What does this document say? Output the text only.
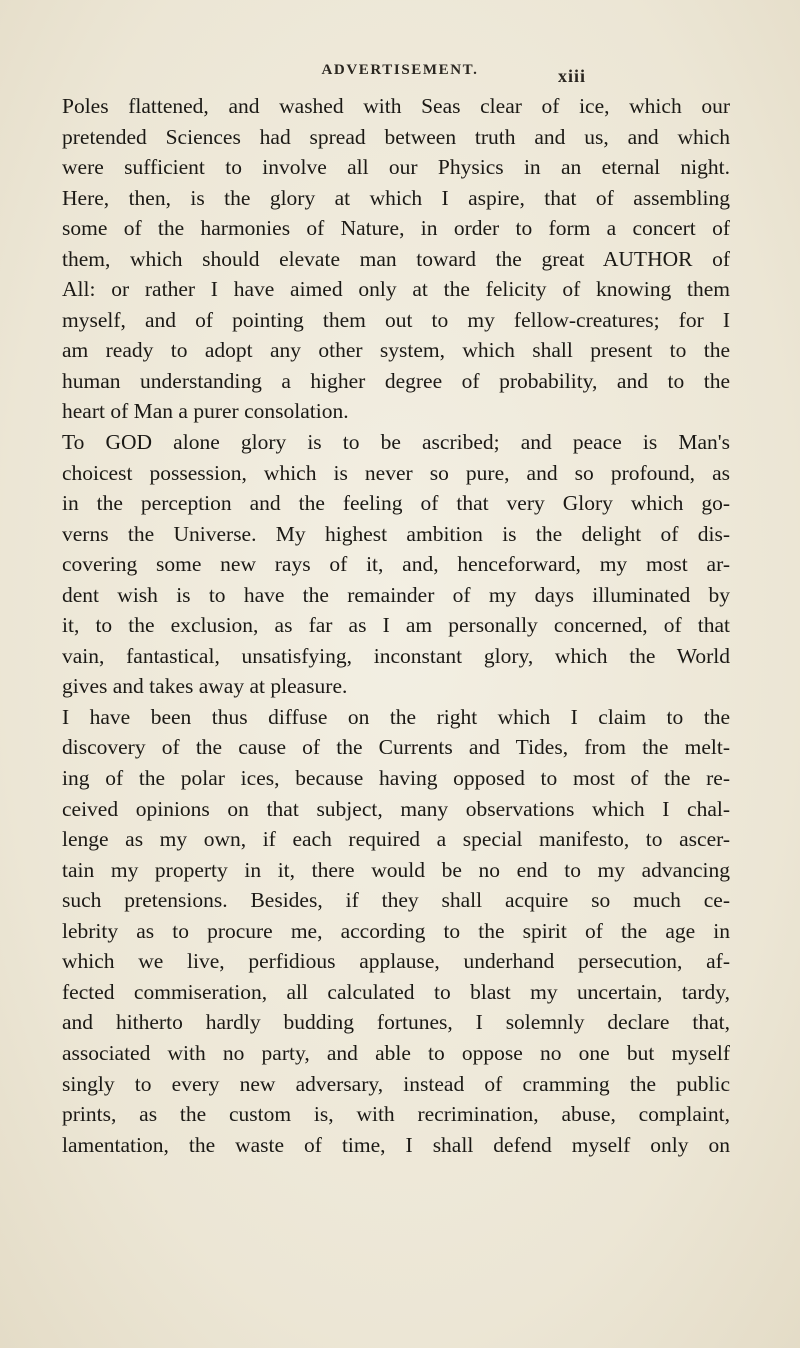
ADVERTISEMENT.	xiii
Poles flattened, and washed with Seas clear of ice, which our
pretended Sciences had spread between truth and us, and which
were sufficient to involve all our Physics in an eternal night.
Here, then, is the glory at which I aspire, that of assembling
some of the harmonies of Nature, in order to form a concert of
them, which should elevate man toward the great AUTHOR of
All: or rather I have aimed only at the felicity of knowing them
myself, and of pointing them out to my fellow-creatures; for I
am ready to adopt any other system, which shall present to the
human understanding a higher degree of probability, and to the
heart of Man a purer consolation.
To GOD alone glory is to be ascribed; and peace is Man's
choicest possession, which is never so pure, and so profound, as
in the perception and the feeling of that very Glory which go-
verns the Universe. My highest ambition is the delight of dis-
covering some new rays of it, and, henceforward, my most ar-
dent wish is to have the remainder of my days illuminated by
it, to the exclusion, as far as I am personally concerned, of that
vain, fantastical, unsatisfying, inconstant glory, which the World
gives and takes away at pleasure.
I have been thus diffuse on the right which I claim to the
discovery of the cause of the Currents and Tides, from the melt-
ing of the polar ices, because having opposed to most of the re-
ceived opinions on that subject, many observations which I chal-
lenge as my own, if each required a special manifesto, to ascer-
tain my property in it, there would be no end to my advancing
such pretensions. Besides, if they shall acquire so much ce-
lebrity as to procure me, according to the spirit of the age in
which we live, perfidious applause, underhand persecution, af-
fected commiseration, all calculated to blast my uncertain, tardy,
and hitherto hardly budding fortunes, I solemnly declare that,
associated with no party, and able to oppose no one but myself
singly to every new adversary, instead of cramming the public
prints, as the custom is, with recrimination, abuse, complaint,
lamentation, the waste of time, I shall defend myself only on
